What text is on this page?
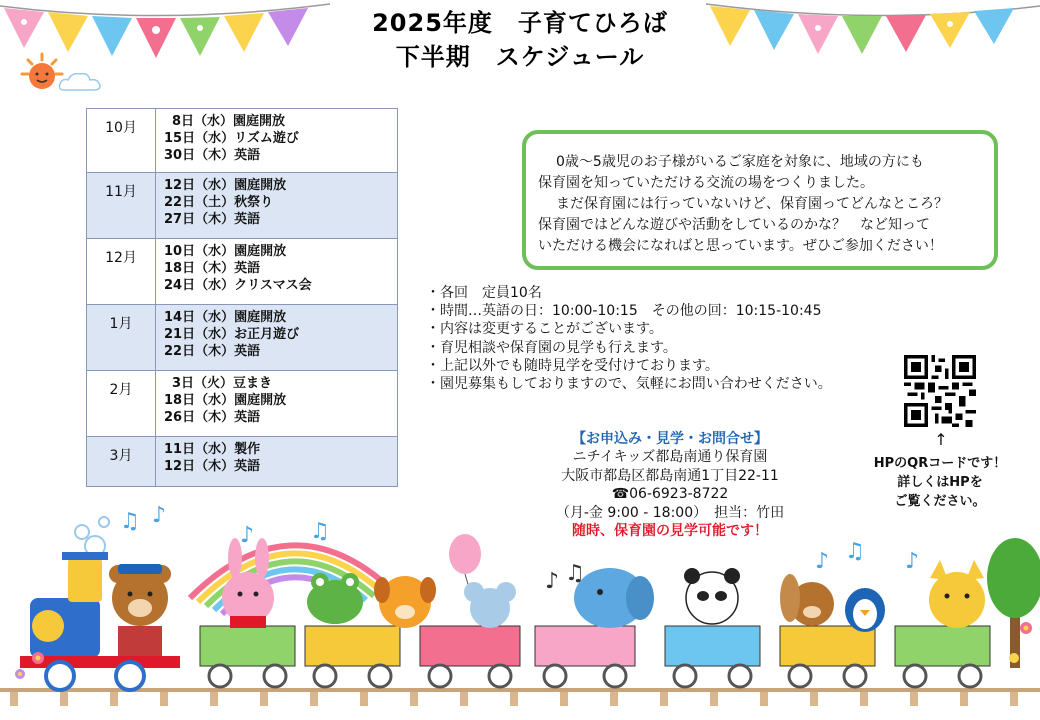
2025年度　子育てひろば
下半期　スケジュール
10月	8日（水）園庭開放
15日（水）リズム遊び
30日（木）英語

11月	12日（水）園庭開放
22日（土）秋祭り
27日（木）英語

12月	10日（水）園庭開放
18日（木）英語
24日（水）クリスマス会

1月	14日（水）園庭開放
21日（水）お正月遊び
22日（木）英語

2月	3日（火）豆まき
18日（水）園庭開放
26日（木）英語

3月	11日（水）製作
12日（木）英語
0歳～5歳児のお子様がいるご家庭を対象に、地域の方にも
保育園を知っていただける交流の場をつくりました。
まだ保育園には行っていないけど、保育園ってどんなところ？
保育園ではどんな遊びや活動をしているのかな？　など知って
いただける機会になればと思っています。ぜひご参加ください！
・各回　定員10名
・時間…英語の日：10:00-10:15　その他の回：10:15-10:45
・内容は変更することがございます。
・育児相談や保育園の見学も行えます。
・上記以外でも随時見学を受付けております。
・園児募集もしておりますので、気軽にお問い合わせください。
【お申込み・見学・お問合せ】
ニチイキッズ都島南通り保育園
大阪市都島区都島南通1丁目22-11
☎06-6923-8722
（月-金 9:00 - 18:00）　担当：竹田
随時、保育園の見学可能です！
↑
HPのQRコードです！
詳しくはHPを
ご覧ください。
♫ ♪
♪	♫
♪ ♫	♪ ♫ ♪
